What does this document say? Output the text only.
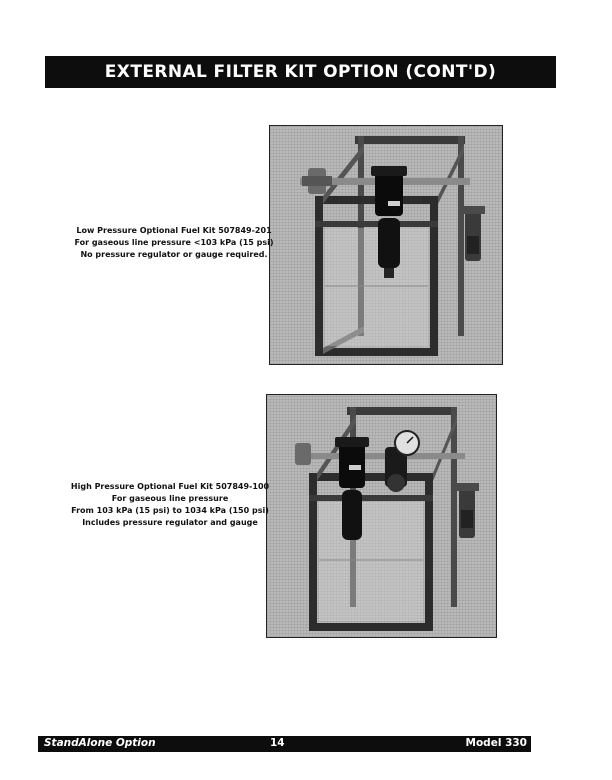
EXTERNAL FILTER KIT OPTION (CONT'D)
Low Pressure Optional Fuel Kit 507849-201
For gaseous line pressure <103 kPa (15 psi)
No pressure regulator or gauge required.
High Pressure Optional Fuel Kit 507849-100
For gaseous line pressure
From 103 kPa (15 psi) to 1034 kPa (150 psi)
Includes pressure regulator and gauge
StandAlone Option	14	Model 330
